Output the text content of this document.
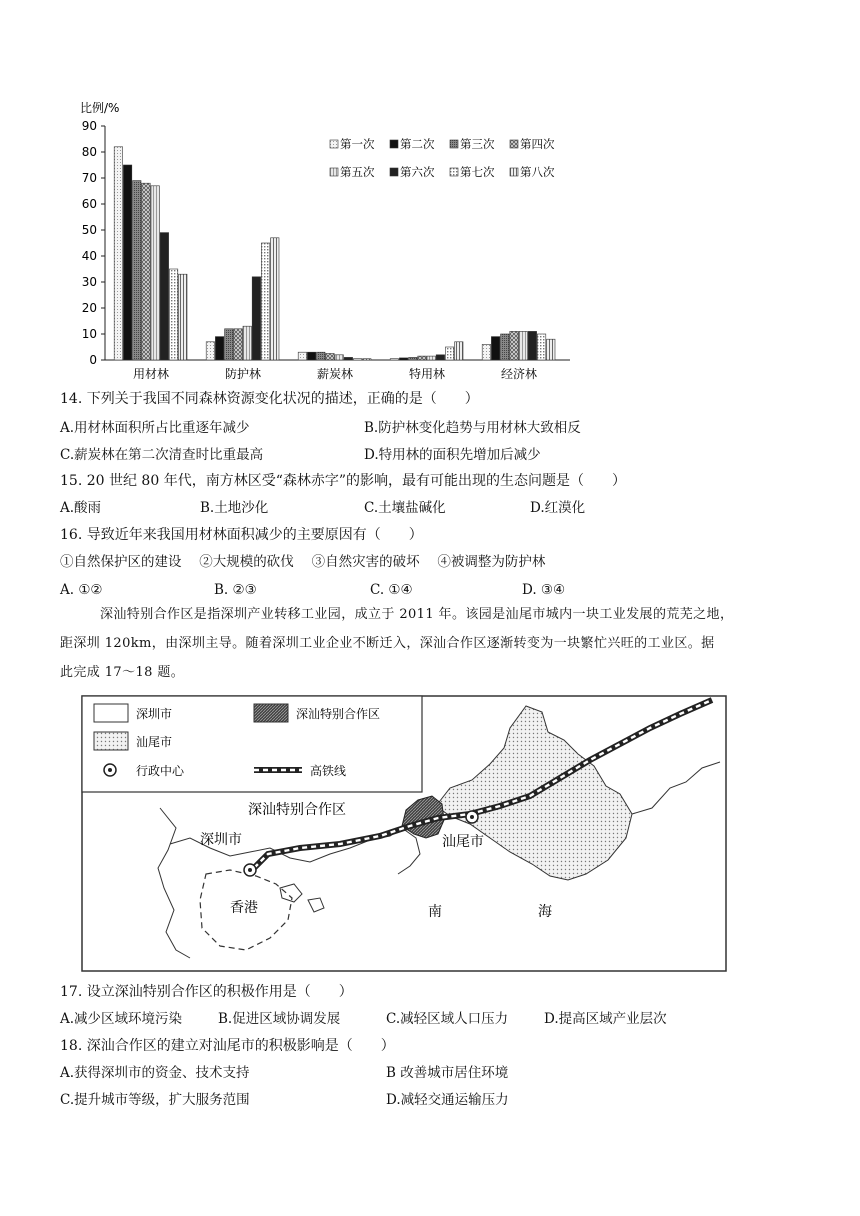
比例/%
0
10
20
30
40
50
60
70
80
90
用材林	防护林	薪炭林	特用林	经济林
第一次 第二次 第三次 第四次
第五次 第六次 第七次 第八次
14. 下列关于我国不同森林资源变化状况的描述，正确的是（　　）
A.用材林面积所占比重逐年减少	B.防护林变化趋势与用材林大致相反
C.薪炭林在第二次清查时比重最高	D.特用林的面积先增加后减少
15. 20 世纪 80 年代，南方林区受“森林赤字”的影响，最有可能出现的生态问题是（　　）
A.酸雨	B.土地沙化	C.土壤盐碱化	D.红漠化
16. 导致近年来我国用材林面积减少的主要原因有（　　）
①自然保护区的建设　 ②大规模的砍伐　 ③自然灾害的破坏　 ④被调整为防护林
A. ①②	B. ②③	C. ①④	D. ③④
深汕特别合作区是指深圳产业转移工业园，成立于 2011 年。该园是汕尾市城内一块工业发展的荒芜之地，
距深圳 120km，由深圳主导。随着深圳工业企业不断迁入，深汕合作区逐渐转变为一块繁忙兴旺的工业区。据
此完成 17～18 题。
深圳市	深汕特别合作区
汕尾市
行政中心	高铁线
深汕特别合作区
深圳市	汕尾市
香港	南	海
17. 设立深汕特别合作区的积极作用是（　　）
A.减少区域环境污染	B.促进区域协调发展	C.减轻区域人口压力	D.提高区域产业层次
18. 深汕合作区的建立对汕尾市的积极影响是（　　）
A.获得深圳市的资金、技术支持	B 改善城市居住环境
C.提升城市等级，扩大服务范围	D.减轻交通运输压力
